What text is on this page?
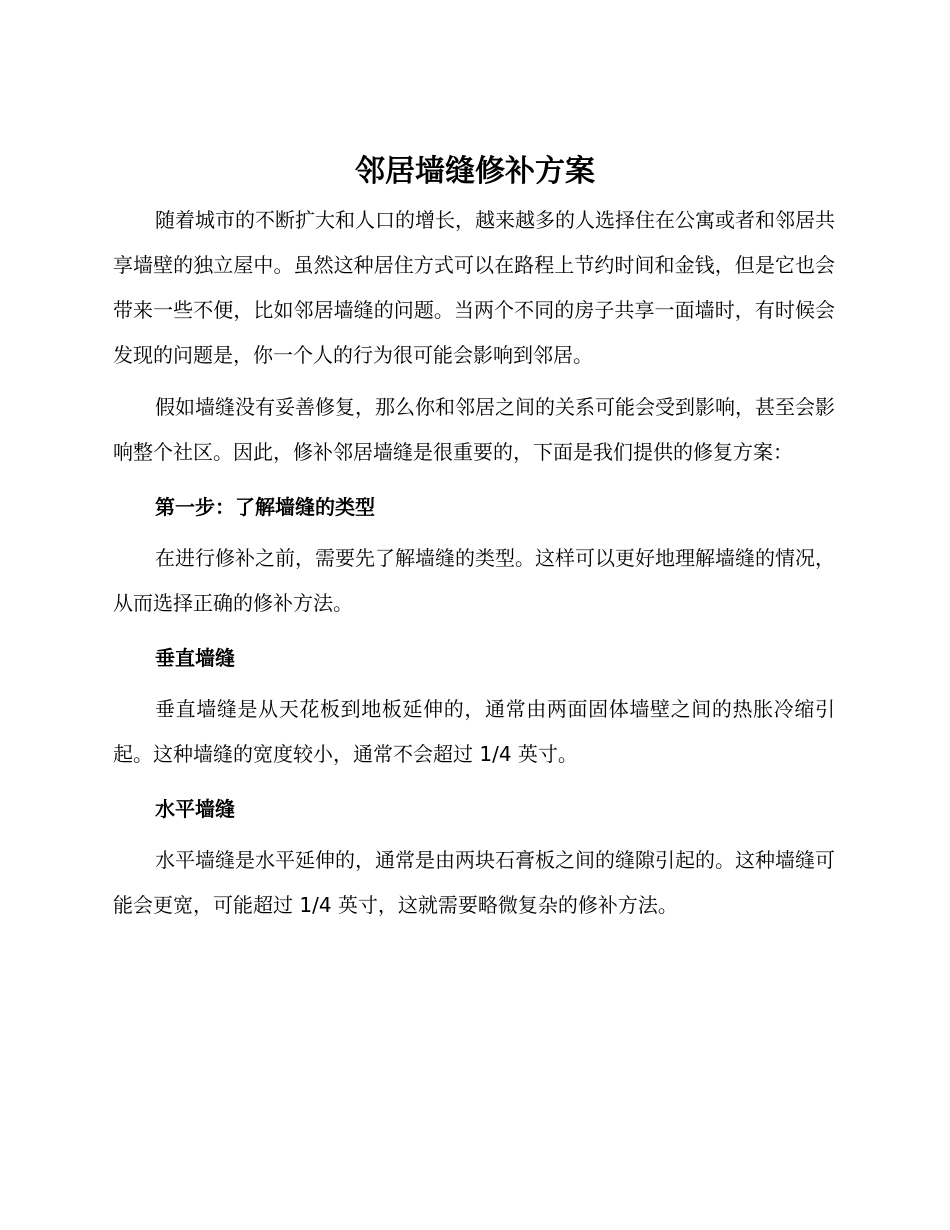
邻居墙缝修补方案

随着城市的不断扩大和人口的增长，越来越多的人选择住在公寓或者和邻居共享墙壁的独立屋中。虽然这种居住方式可以在路程上节约时间和金钱，但是它也会带来一些不便，比如邻居墙缝的问题。当两个不同的房子共享一面墙时，有时候会发现的问题是，你一个人的行为很可能会影响到邻居。

假如墙缝没有妥善修复，那么你和邻居之间的关系可能会受到影响，甚至会影响整个社区。因此，修补邻居墙缝是很重要的，下面是我们提供的修复方案：

第一步：了解墙缝的类型

在进行修补之前，需要先了解墙缝的类型。这样可以更好地理解墙缝的情况，从而选择正确的修补方法。

垂直墙缝

垂直墙缝是从天花板到地板延伸的，通常由两面固体墙壁之间的热胀冷缩引起。这种墙缝的宽度较小，通常不会超过 1/4 英寸。

水平墙缝

水平墙缝是水平延伸的，通常是由两块石膏板之间的缝隙引起的。这种墙缝可能会更宽，可能超过 1/4 英寸，这就需要略微复杂的修补方法。
